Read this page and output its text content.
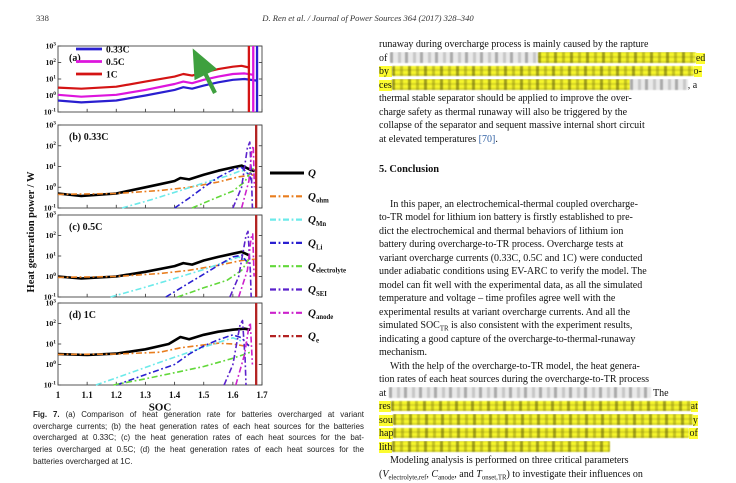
338	D. Ren et al. / Journal of Power Sources 364 (2017) 328–340
$10^3$
$10^2$
$10^1$
$10^0$
$10^{-1}$
(a)
0.33C
0.5C
1C
$10^3$
$10^2$
$10^1$
$10^0$
$10^{-1}$
(b) 0.33C
$10^3$
$10^2$
$10^1$
$10^0$
$10^{-1}$
(c) 0.5C
$10^3$
$10^2$
$10^1$
$10^0$
$10^{-1}$
(d) 1C
1 1.1 1.2 1.3 1.4 1.5 1.6 1.7
SOC
Heat generation power / W	Q
$Q_{ohm}$
$Q_{Mn}$
$Q_{Li}$
$Q_{electrolyte}$
$Q_{SEI}$
$Q_{anode}$
$Q_e$
Fig. 7. (a) Comparison of heat generation rate for batteries overcharged at variant
overcharge currents; (b) the heat generation rates of each heat sources for the batteries
overcharged at 0.33C; (c) the heat generation rates of each heat sources for the bat-
teries overcharged at 0.5C; (d) the heat generation rates of each heat sources for the
batteries overcharged at 1C.
runaway during overcharge process is mainly caused by the rapture
of	ed
by	o-
ces	, a
thermal stable separator should be applied to improve the over-
charge safety as thermal runaway will also be triggered by the
collapse of the separator and sequent massive internal short circuit
at elevated temperatures [70].
5. Conclusion
In this paper, an electrochemical-thermal coupled overcharge-
to-TR model for lithium ion battery is firstly established to pre-
dict the electrochemical and thermal behaviors of lithium ion
battery during overcharge-to-TR process. Overcharge tests at
variant overcharge currents (0.33C, 0.5C and 1C) were conducted
under adiabatic conditions using EV-ARC to verify the model. The
model can fit well with the experimental data, as all the simulated
temperature and voltage – time profiles agree well with the
experimental results at variant overcharge currents. And all the
simulated $SOC_{TR}$ is also consistent with the experiment results,
indicating a good capture of the overcharge-to-thermal-runaway
mechanism.
With the help of the overcharge-to-TR model, the heat genera-
tion rates of each heat sources during the overcharge-to-TR process
at	The
res	at
sou	y
hap	of
lith
Modeling analysis is performed on three critical parameters
($V_{electrolyte,ref}$, $C_{anode}$, and $T_{onset,TR}$) to investigate their influences on
